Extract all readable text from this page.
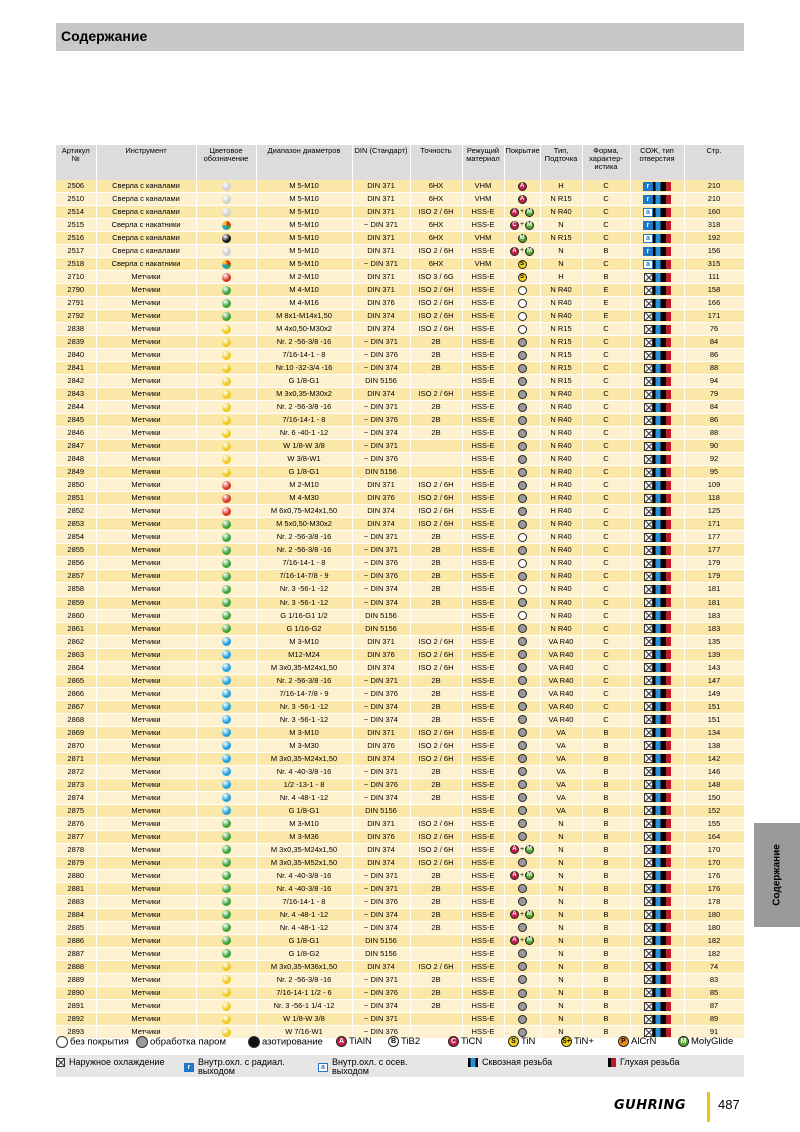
Содержание
Артикул №	Инструмент	Цветовое обозначение	Диапазон диаметров	DIN (Стандарт)	Точность	Режущий материал	Покрытие	Тип, Подточка	Форма, характер-истика	СОЖ, тип отверстия	Стр.
2506	Сверла с каналами		M 5-M10	DIN 371	6HX	VHM	A	H	C	r	210
2510	Сверла с каналами		M 5-M10	DIN 371	6HX	VHM	A	N R15	C	r	210
2514	Сверла с каналами		M 5-M10	DIN 371	ISO 2 / 6H	HSS-E	A + M	N R40	C	a	160
2515	Сверла с накатники		M 5-M10	~ DIN 371	6HX	HSS-E	C + M	N	C	r	318
2516	Сверла с каналами		M 5-M10	DIN 371	6HX	VHM	M	N R15	C	a	192
2517	Сверла с каналами		M 5-M10	DIN 371	ISO 2 / 6H	HSS-E	A + M	N	B	r	156
2518	Сверла с накатники		M 5-M10	~ DIN 371	6HX	VHM	S	N	C	a	315
2710	Метчики		M 2-M10	DIN 371	ISO 3 / 6G	HSS-E	S	H	B		111
2790	Метчики		M 4-M10	DIN 371	ISO 2 / 6H	HSS-E		N R40	E		158
2791	Метчики		M 4-M16	DIN 376	ISO 2 / 6H	HSS-E		N R40	E		166
2792	Метчики		M 8x1-M14x1,50	DIN 374	ISO 2 / 6H	HSS-E		N R40	E		171
2838	Метчики		M 4x0,50-M30x2	DIN 374	ISO 2 / 6H	HSS-E		N R15	C		76
2839	Метчики		Nr. 2 -56-3/8 -16	~ DIN 371	2B	HSS-E		N R15	C		84
2840	Метчики		7/16-14-1 - 8	~ DIN 376	2B	HSS-E		N R15	C		86
2841	Метчики		Nr.10 -32-3/4 -16	~ DIN 374	2B	HSS-E		N R15	C		88
2842	Метчики		G 1/8-G1	DIN 5156		HSS-E		N R15	C		94
2843	Метчики		M 3x0,35-M30x2	DIN 374	ISO 2 / 6H	HSS-E		N R40	C		79
2844	Метчики		Nr. 2 -56-3/8 -16	~ DIN 371	2B	HSS-E		N R40	C		84
2845	Метчики		7/16-14-1 - 8	~ DIN 376	2B	HSS-E		N R40	C		86
2846	Метчики		Nr. 6 -40-1 -12	~ DIN 374	2B	HSS-E		N R40	C		88
2847	Метчики		W 1/8-W 3/8	~ DIN 371		HSS-E		N R40	C		90
2848	Метчики		W 3/8-W1	~ DIN 376		HSS-E		N R40	C		92
2849	Метчики		G 1/8-G1	DIN 5156		HSS-E		N R40	C		95
2850	Метчики		M 2-M10	DIN 371	ISO 2 / 6H	HSS-E		H R40	C		109
2851	Метчики		M 4-M30	DIN 376	ISO 2 / 6H	HSS-E		H R40	C		118
2852	Метчики		M 6x0,75-M24x1,50	DIN 374	ISO 2 / 6H	HSS-E		H R40	C		125
2853	Метчики		M 5x0,50-M30x2	DIN 374	ISO 2 / 6H	HSS-E		N R40	C		171
2854	Метчики		Nr. 2 -56-3/8 -16	~ DIN 371	2B	HSS-E		N R40	C		177
2855	Метчики		Nr. 2 -56-3/8 -16	~ DIN 371	2B	HSS-E		N R40	C		177
2856	Метчики		7/16-14-1 - 8	~ DIN 376	2B	HSS-E		N R40	C		179
2857	Метчики		7/16-14-7/8 - 9	~ DIN 376	2B	HSS-E		N R40	C		179
2858	Метчики		Nr. 3 -56-1 -12	~ DIN 374	2B	HSS-E		N R40	C		181
2859	Метчики		Nr. 3 -56-1 -12	~ DIN 374	2B	HSS-E		N R40	C		181
2860	Метчики		G 1/16-G1 1/2	DIN 5156		HSS-E		N R40	C		183
2861	Метчики		G 1/16-G2	DIN 5156		HSS-E		N R40	C		183
2862	Метчики		M 3-M10	DIN 371	ISO 2 / 6H	HSS-E		VA R40	C		135
2863	Метчики		M12-M24	DIN 376	ISO 2 / 6H	HSS-E		VA R40	C		139
2864	Метчики		M 3x0,35-M24x1,50	DIN 374	ISO 2 / 6H	HSS-E		VA R40	C		143
2865	Метчики		Nr. 2 -56-3/8 -16	~ DIN 371	2B	HSS-E		VA R40	C		147
2866	Метчики		7/16-14-7/8 - 9	~ DIN 376	2B	HSS-E		VA R40	C		149
2867	Метчики		Nr. 3 -56-1 -12	~ DIN 374	2B	HSS-E		VA R40	C		151
2868	Метчики		Nr. 3 -56-1 -12	~ DIN 374	2B	HSS-E		VA R40	C		151
2869	Метчики		M 3-M10	DIN 371	ISO 2 / 6H	HSS-E		VA	B		134
2870	Метчики		M 3-M30	DIN 376	ISO 2 / 6H	HSS-E		VA	B		138
2871	Метчики		M 3x0,35-M24x1,50	DIN 374	ISO 2 / 6H	HSS-E		VA	B		142
2872	Метчики		Nr. 4 -40-3/8 -16	~ DIN 371	2B	HSS-E		VA	B		146
2873	Метчики		1/2 -13-1 - 8	~ DIN 376	2B	HSS-E		VA	B		148
2874	Метчики		Nr. 4 -48-1 -12	~ DIN 374	2B	HSS-E		VA	B		150
2875	Метчики		G 1/8-G1	DIN 5156		HSS-E		VA	B		152
2876	Метчики		M 3-M10	DIN 371	ISO 2 / 6H	HSS-E		N	B		155
2877	Метчики		M 3-M36	DIN 376	ISO 2 / 6H	HSS-E		N	B		164
2878	Метчики		M 3x0,35-M24x1,50	DIN 374	ISO 2 / 6H	HSS-E	A + M	N	B		170
2879	Метчики		M 3x0,35-M52x1,50	DIN 374	ISO 2 / 6H	HSS-E		N	B		170
2880	Метчики		Nr. 4 -40-3/8 -16	~ DIN 371	2B	HSS-E	A + M	N	B		176
2881	Метчики		Nr. 4 -40-3/8 -16	~ DIN 371	2B	HSS-E		N	B		176
2883	Метчики		7/16-14-1 - 8	~ DIN 376	2B	HSS-E		N	B		178
2884	Метчики		Nr. 4 -48-1 -12	~ DIN 374	2B	HSS-E	A + M	N	B		180
2885	Метчики		Nr. 4 -48-1 -12	~ DIN 374	2B	HSS-E		N	B		180
2886	Метчики		G 1/8-G1	DIN 5156		HSS-E	A + M	N	B		182
2887	Метчики		G 1/8-G2	DIN 5156		HSS-E		N	B		182
2888	Метчики		M 3x0,35-M36x1,50	DIN 374	ISO 2 / 6H	HSS-E		N	B		74
2889	Метчики		Nr. 2 -56-3/8 -16	~ DIN 371	2B	HSS-E		N	B		83
2890	Метчики		7/16-14-1 1/2 - 6	~ DIN 376	2B	HSS-E		N	B		85
2891	Метчики		Nr. 3 -56-1 1/4 -12	~ DIN 374	2B	HSS-E		N	B		87
2892	Метчики		W 1/8-W 3/8	~ DIN 371		HSS-E		N	B		89
2893	Метчики		W 7/16-W1	~ DIN 376		HSS-E		N	B		91
без покрытия	обработка паром	азотирование	A TiAlN	B TiB2	C TiCN	S TiN	S+ TiN+	P AlCrN	M MolyGlide
Наружное охлаждение	r Внутр.охл. с радиал. выходом	a Внутр.охл. с осев. выходом
Сквозная резьба	Глухая резьба
Содержание
GUHRING 487
